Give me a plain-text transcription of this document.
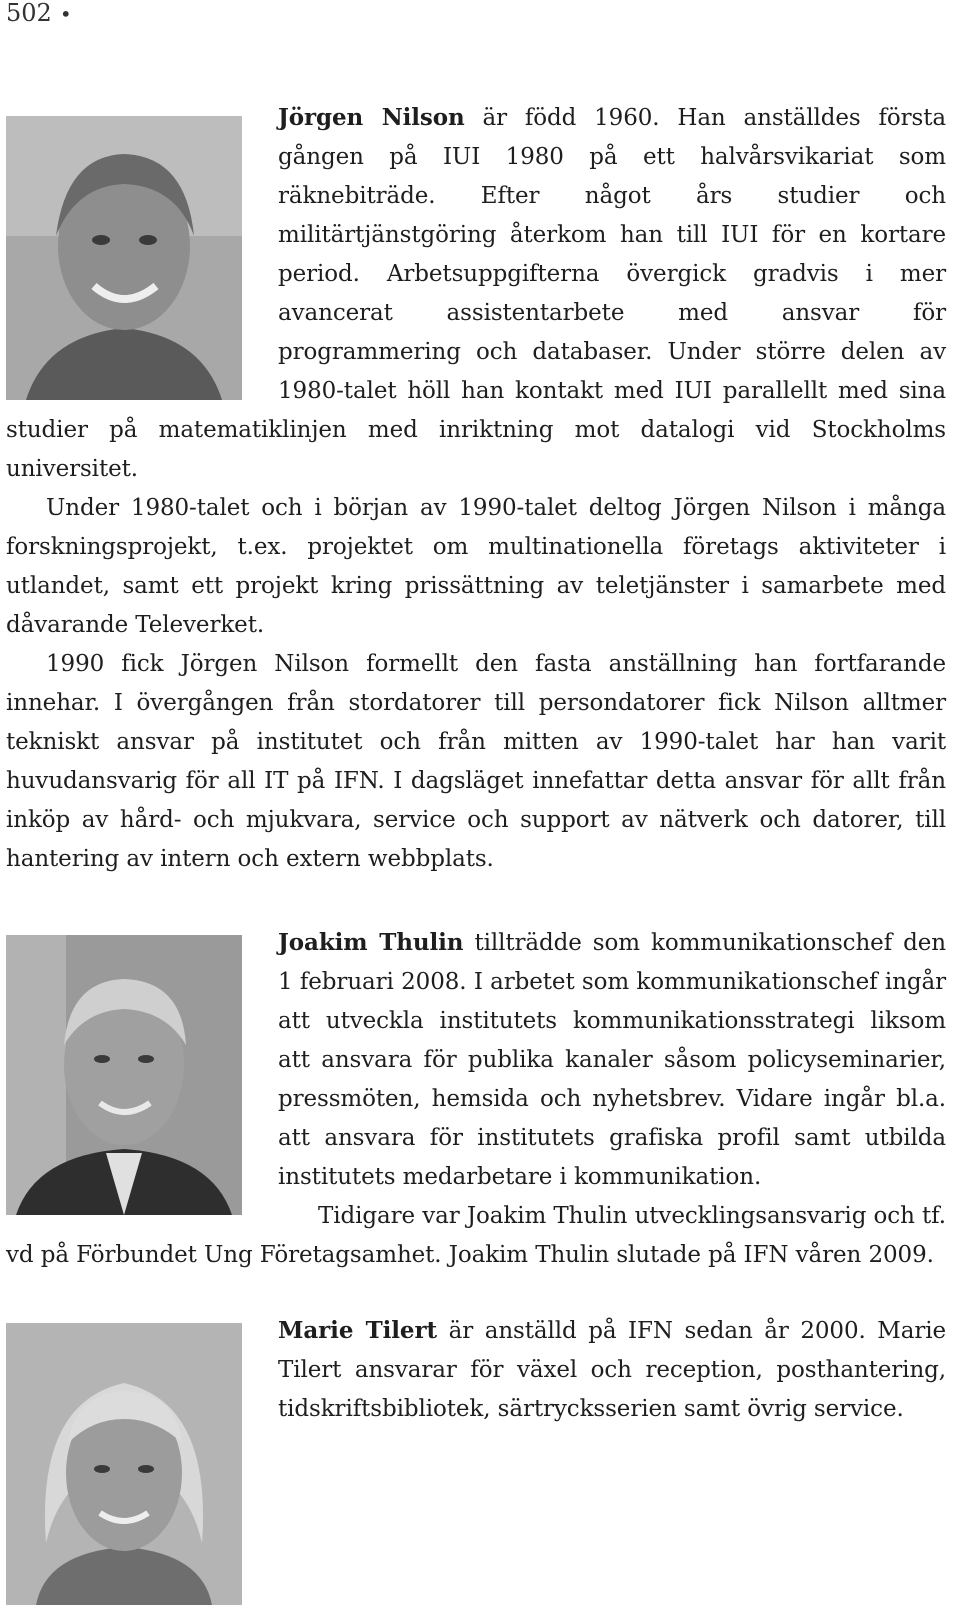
502 •

Jörgen Nilson är född 1960. Han anställdes första gången på IUI 1980 på ett halvårsvikariat som räknebiträde. Efter något års studier och militärtjänstgöring återkom han till IUI för en kortare period. Arbetsuppgifterna övergick gradvis i mer avancerat assistentarbete med ansvar för programmering och databaser. Under större delen av 1980-talet höll han kontakt med IUI parallellt med sina studier på matematiklinjen med inriktning mot datalogi vid Stockholms universitet.

Under 1980-talet och i början av 1990-talet deltog Jörgen Nilson i många forskningsprojekt, t.ex. projektet om multinationella företags aktiviteter i utlandet, samt ett projekt kring prissättning av teletjänster i samarbete med dåvarande Televerket.

1990 fick Jörgen Nilson formellt den fasta anställning han fortfarande innehar. I övergången från stordatorer till persondatorer fick Nilson alltmer tekniskt ansvar på institutet och från mitten av 1990-talet har han varit huvudansvarig för all IT på IFN. I dagsläget innefattar detta ansvar för allt från inköp av hård- och mjukvara, service och support av nätverk och datorer, till hantering av intern och extern webbplats.

Joakim Thulin tillträdde som kommunikationschef den 1 februari 2008. I arbetet som kommunikationschef ingår att utveckla institutets kommunikationsstrategi liksom att ansvara för publika kanaler såsom policyseminarier, pressmöten, hemsida och nyhetsbrev. Vidare ingår bl.a. att ansvara för institutets grafiska profil samt utbilda institutets medarbetare i kommunikation.

Tidigare var Joakim Thulin utvecklingsansvarig och tf. vd på Förbundet Ung Företagsamhet. Joakim Thulin slutade på IFN våren 2009.

Marie Tilert är anställd på IFN sedan år 2000. Marie Tilert ansvarar för växel och reception, posthantering, tidskriftsbibliotek, särtrycksserien samt övrig service.
